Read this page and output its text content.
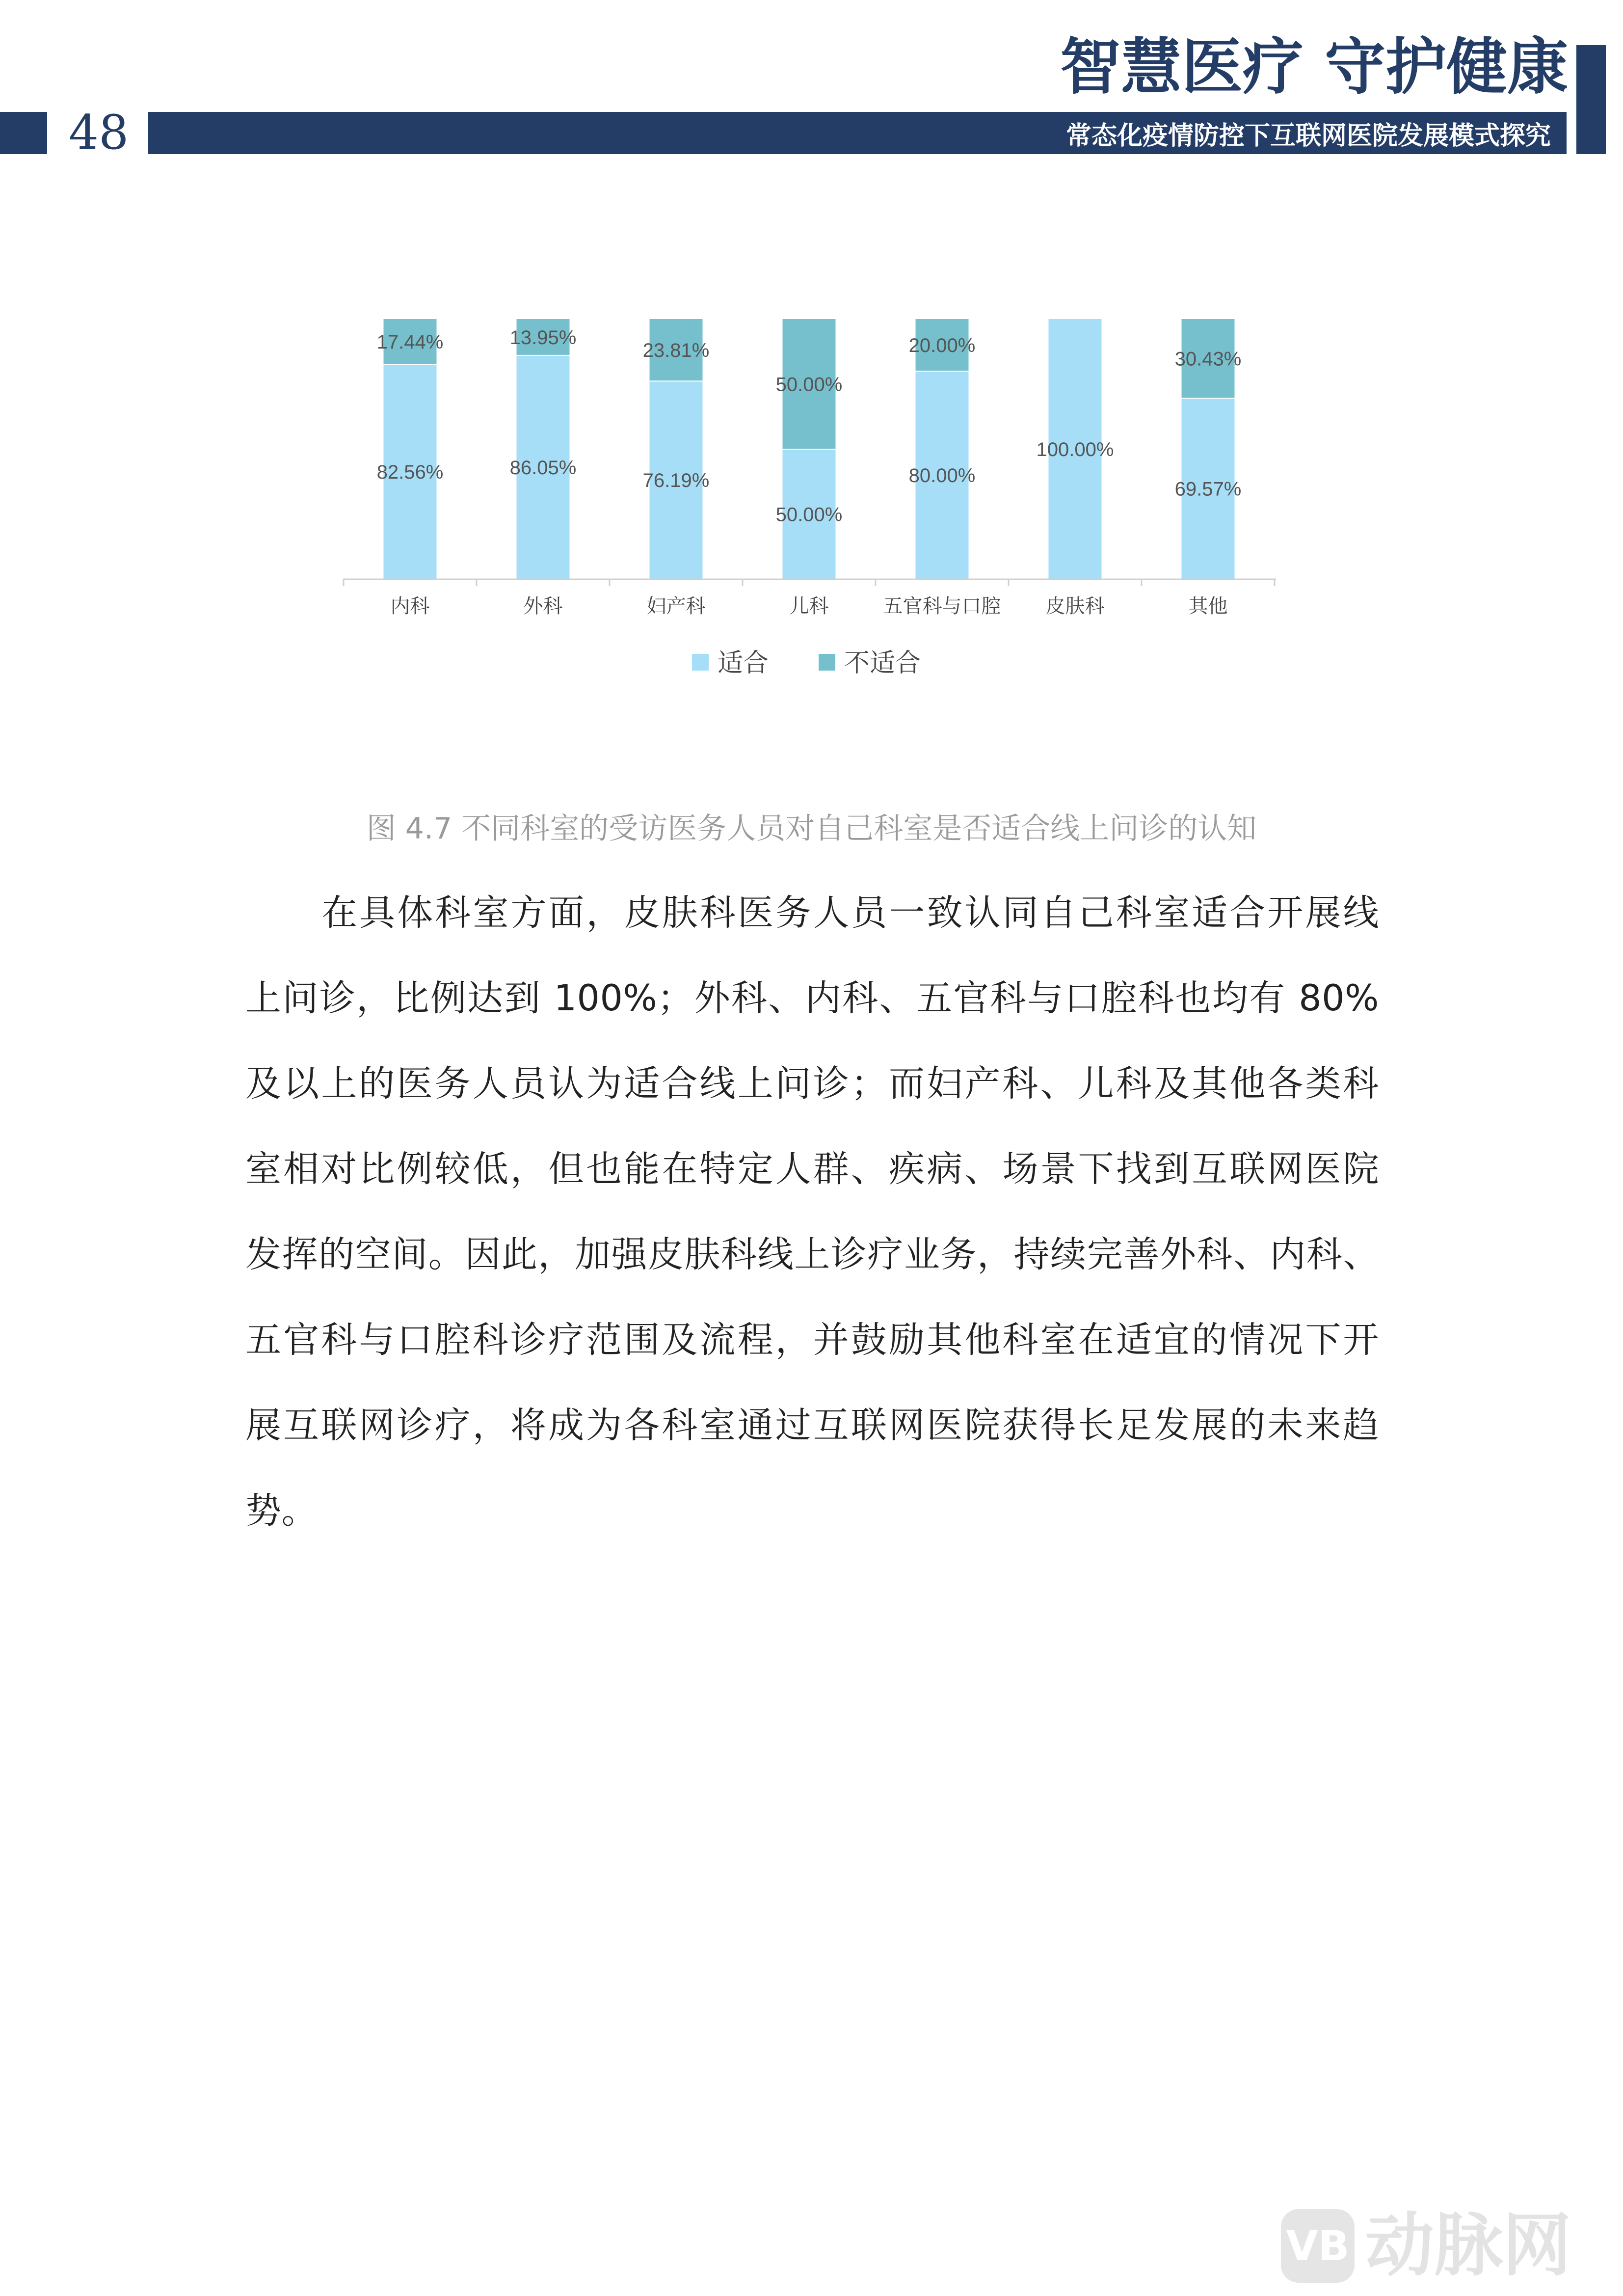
48
智慧医疗 守护健康
常态化疫情防控下互联网医院发展模式探究
82.56%
17.44%
86.05%
13.95%
76.19%
23.81%
50.00%
50.00%
80.00%
20.00%
100.00%
69.57%
30.43%
内科	外科	妇产科	儿科	五官科与口腔 皮肤科	其他
适合	不适合
图 4.7 不同科室的受访医务人员对自己科室是否适合线上问诊的认知
在具体科室方面，皮肤科医务人员一致认同自己科室适合开展线
上问诊，比例达到 100%；外科、内科、五官科与口腔科也均有 80%
及以上的医务人员认为适合线上问诊；而妇产科、儿科及其他各类科
室相对比例较低，但也能在特定人群、疾病、场景下找到互联网医院
发挥的空间。因此，加强皮肤科线上诊疗业务，持续完善外科、内科、
五官科与口腔科诊疗范围及流程，并鼓励其他科室在适宜的情况下开
展互联网诊疗，将成为各科室通过互联网医院获得长足发展的未来趋
势。
VB 动脉网
